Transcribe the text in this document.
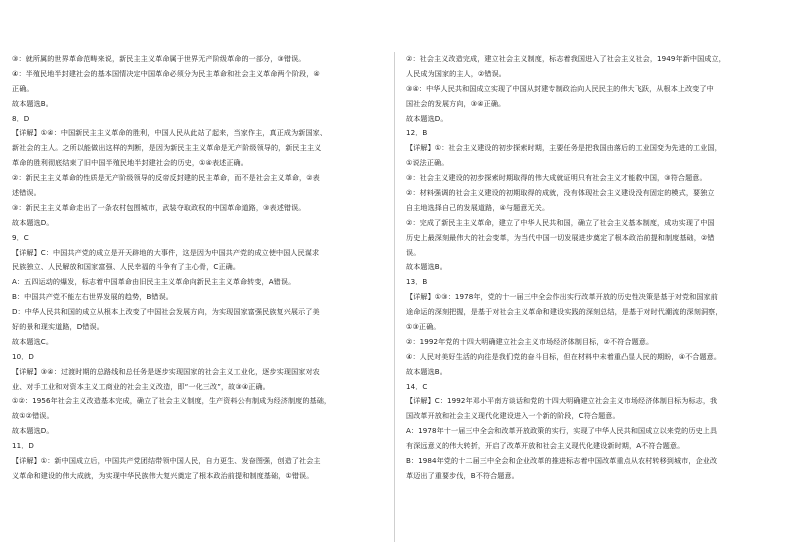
③：就所属的世界革命范畴来说，新民主主义革命属于世界无产阶级革命的一部分，③错误。
④：半殖民地半封建社会的基本国情决定中国革命必须分为民主革命和社会主义革命两个阶段，④
正确。
故本题选B。
8．D
【详解】①④：中国新民主主义革命的胜利，中国人民从此站了起来，当家作主，真正成为新国家、
新社会的主人。之所以能做出这样的判断，是因为新民主主义革命是无产阶级领导的，新民主主义
革命的胜利彻底结束了旧中国半殖民地半封建社会的历史，①④表述正确。
②：新民主主义革命的性质是无产阶级领导的反帝反封建的民主革命，而不是社会主义革命，②表
述错误。
③：新民主主义革命走出了一条农村包围城市，武装夺取政权的中国革命道路，③表述错误。
故本题选D。
9．C
【详解】C：中国共产党的成立是开天辟地的大事件，这是因为中国共产党的成立使中国人民谋求
民族独立、人民解放和国家富强、人民幸福的斗争有了主心骨，C正确。
A：五四运动的爆发，标志着中国革命由旧民主主义革命向新民主主义革命转变，A错误。
B：中国共产党不能左右世界发展的趋势，B错误。
D：中华人民共和国的成立从根本上改变了中国社会发展方向，为实现国家富强民族复兴展示了美
好的景和现实道路，D错误。
故本题选C。
10．D
【详解】③④：过渡时期的总路线和总任务是逐步实现国家的社会主义工业化，逐步实现国家对农
业、对手工业和对资本主义工商业的社会主义改造，即“一化三改”，故③④正确。
①②：1956年社会主义改造基本完成，确立了社会主义制度，生产资料公有制成为经济制度的基础，
故①②错误。
故本题选D。
11．D
【详解】①：新中国成立后，中国共产党团结带领中国人民，自力更生、发奋图强，创造了社会主
义革命和建设的伟大成就，为实现中华民族伟大复兴奠定了根本政治前提和制度基础，①错误。
②：社会主义改造完成，建立社会主义制度，标志着我国进入了社会主义社会，1949年新中国成立，
人民成为国家的主人，②错误。
③④：中华人民共和国成立实现了中国从封建专制政治向人民民主的伟大飞跃，从根本上改变了中
国社会的发展方向，③④正确。
故本题选D。
12．B
【详解】①：社会主义建设的初步探索时期，主要任务是把我国由落后的工业国变为先进的工业国，
①说法正确。
③：社会主义建设的初步探索时期取得的伟大成就证明只有社会主义才能救中国，③符合题意。
②：材料强调的社会主义建设的初期取得的成就，没有体现社会主义建设没有固定的模式，要独立
自主地选择自己的发展道路，④与题意无关。
②：完成了新民主主义革命，建立了中华人民共和国，确立了社会主义基本制度，成功实现了中国
历史上最深刻最伟大的社会变革，为当代中国一切发展进步奠定了根本政治前提和制度基础，②错
误。
故本题选B。
13．B
【详解】①③：1978年，党的十一届三中全会作出实行改革开放的历史性决策是基于对党和国家前
途命运的深刻把握，是基于对社会主义革命和建设实践的深刻总结，是基于对时代潮流的深刻洞察，
①③正确。
②：1992年党的十四大明确建立社会主义市场经济体制目标，②不符合题意。
④：人民对美好生活的向往是我们党的奋斗目标，但在材料中未着重凸显人民的期盼，④不合题意。
故本题选B。
14．C
【详解】C：1992年邓小平南方谈话和党的十四大明确建立社会主义市场经济体制目标为标志，我
国改革开放和社会主义现代化建设进入一个新的阶段，C符合题意。
A：1978年十一届三中全会和改革开放政策的实行，实现了中华人民共和国成立以来党的历史上具
有深远意义的伟大转折，开启了改革开放和社会主义现代化建设新时期，A不符合题意。
B：1984年党的十二届三中全会和企业改革的推进标志着中国改革重点从农村转移到城市，企业改
革迈出了重要步伐，B不符合题意。
